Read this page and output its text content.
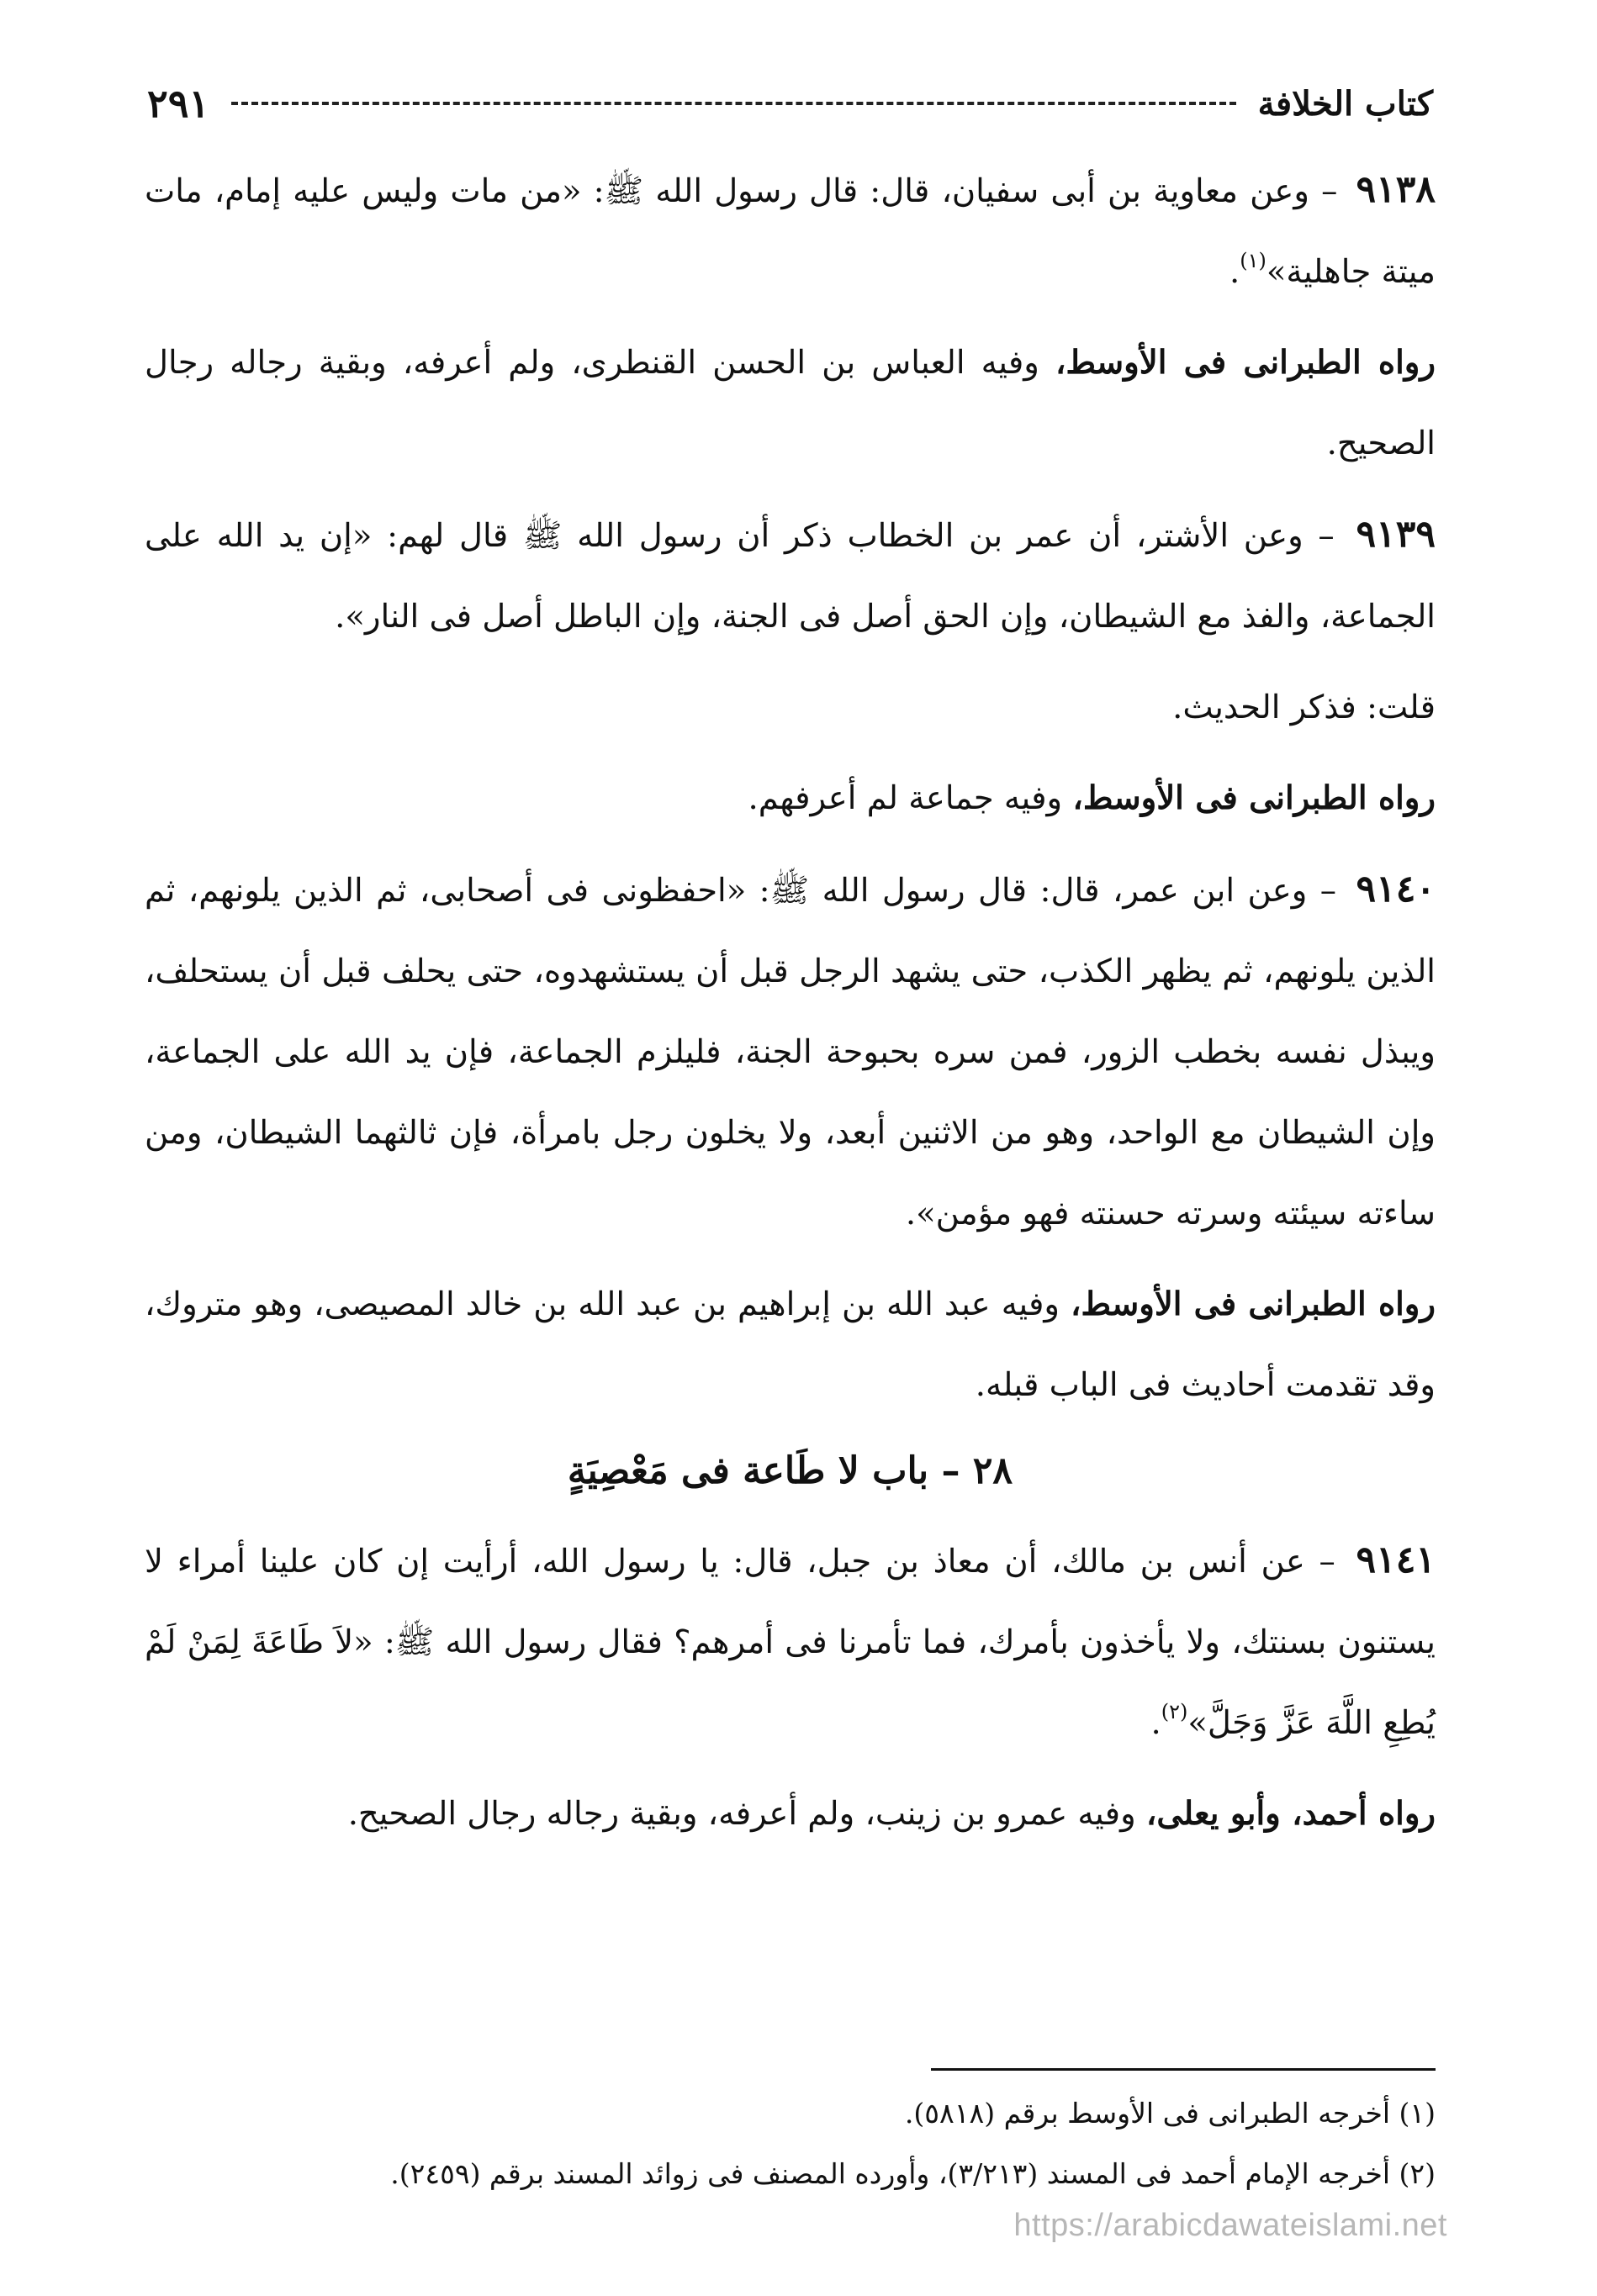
كتاب الخلافة
٢٩١

٩١٣٨ – وعن معاوية بن أبى سفيان، قال: قال رسول الله ﷺ: «من مات وليس عليه إمام، مات ميتة جاهلية»$^{(١)}$.

رواه الطبرانى فى الأوسط، وفيه العباس بن الحسن القنطرى، ولم أعرفه، وبقية رجاله رجال الصحيح.

٩١٣٩ – وعن الأشتر، أن عمر بن الخطاب ذكر أن رسول الله ﷺ قال لهم: «إن يد الله على الجماعة، والفذ مع الشيطان، وإن الحق أصل فى الجنة، وإن الباطل أصل فى النار».

قلت: فذكر الحديث.

رواه الطبرانى فى الأوسط، وفيه جماعة لم أعرفهم.

٩١٤٠ – وعن ابن عمر، قال: قال رسول الله ﷺ: «احفظونى فى أصحابى، ثم الذين يلونهم، ثم الذين يلونهم، ثم يظهر الكذب، حتى يشهد الرجل قبل أن يستشهدوه، حتى يحلف قبل أن يستحلف، ويبذل نفسه بخطب الزور، فمن سره بحبوحة الجنة، فليلزم الجماعة، فإن يد الله على الجماعة، وإن الشيطان مع الواحد، وهو من الاثنين أبعد، ولا يخلون رجل بامرأة، فإن ثالثهما الشيطان، ومن ساءته سيئته وسرته حسنته فهو مؤمن».

رواه الطبرانى فى الأوسط، وفيه عبد الله بن إبراهيم بن عبد الله بن خالد المصيصى، وهو متروك، وقد تقدمت أحاديث فى الباب قبله.

٢٨ – باب لا طَاعة فى مَعْصِيَةٍ

٩١٤١ – عن أنس بن مالك، أن معاذ بن جبل، قال: يا رسول الله، أرأيت إن كان علينا أمراء لا يستنون بسنتك، ولا يأخذون بأمرك، فما تأمرنا فى أمرهم؟ فقال رسول الله ﷺ: «لاَ طَاعَةَ لِمَنْ لَمْ يُطِعِ اللَّهَ عَزَّ وَجَلَّ»$^{(٢)}$.

رواه أحمد، وأبو يعلى، وفيه عمرو بن زينب، ولم أعرفه، وبقية رجاله رجال الصحيح.

(١) أخرجه الطبرانى فى الأوسط برقم (٥٨١٨).

(٢) أخرجه الإمام أحمد فى المسند (٣/٢١٣)، وأورده المصنف فى زوائد المسند برقم (٢٤٥٩).

https://arabicdawateislami.net
